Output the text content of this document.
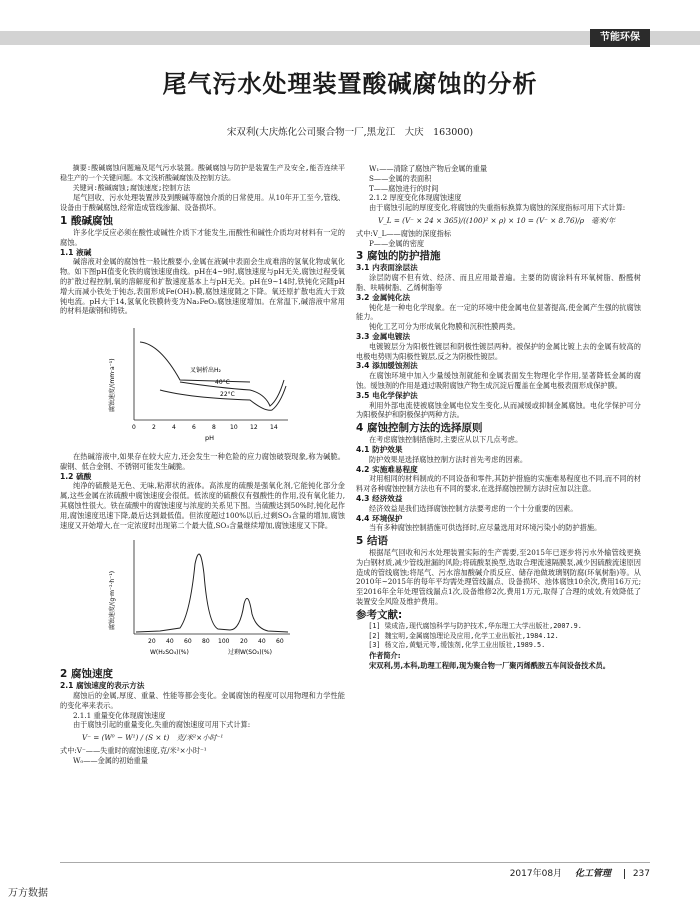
节能环保
尾气污水处理装置酸碱腐蚀的分析
宋双利(大庆炼化公司聚合物一厂,黑龙江　大庆　163000)

摘要:酸碱腐蚀问题遍及尾气污水装置。酸碱腐蚀与防护是装置生产及安全,能否连续平稳生产的一个关键问题。本文浅析酸碱腐蚀及控制方法。

关键词:酸碱腐蚀;腐蚀速度;控制方法

尾气回收、污水处理装置涉及到酸碱等腐蚀介质的日常使用。从10年开工至今,管线、设备由于酸碱腐蚀,经常造成管线渗漏、设备损坏。

1 酸碱腐蚀

许多化学反应必须在酸性或碱性介质下才能发生,而酸性和碱性介质均对材料有一定的腐蚀。

1.1 液碱

碱溶液对金属的腐蚀性一般比酸要小,金属在液碱中表面会生成难溶的氢氧化物或氧化物。如下图pH值变化铁的腐蚀速度曲线。pH在4~9时,腐蚀速度与pH无关,腐蚀过程受氧的扩散过程控制,氧的溶解度和扩散速度基本上与pH无关。pH在9~14时,铁钝化完随pH增大而减小铁处于钝态,表面形成Fe(OH)₂膜,腐蚀速度随之下降。氧还原扩散电流大于致钝电流。pH大于14,氢氧化铁膜转变为Na₂FeO₂腐蚀速度增加。在常温下,碱溶液中常用的材料是碳钢和铸铁。

腐蚀速度/(mm·a⁻¹)	叉铜析出H₂
40°C
22°C
0	2	4	6	8 10 12 14
pH

在热碱溶液中,如果存在较大应力,还会发生一种危险的应力腐蚀破裂现象,称为碱脆。碳钢、低合金钢、不锈钢可能发生碱脆。

1.2 硫酸

纯净的硫酸是无色、无味,粘滞状的液体。高浓度的硫酸是强氧化剂,它能钝化部分金属,这些金属在浓硫酸中腐蚀速度会很低。低浓度的硫酸仅有强酸性的作用,没有氧化能力,其腐蚀性很大。铁在硫酸中的腐蚀速度与浓度的关系见下图。当硫酸达到50%时,钝化起作用,腐蚀速度迅速下降,最后达到最低值。但浓度超过100%以后,过剩SO₃含量的增加,腐蚀速度又开始增大,在一定浓度时出现第二个最大值,SO₃含量继续增加,腐蚀速度又下降。

腐蚀速度/(g·m⁻²·h⁻¹)
20 40 60 80 100 20 40 60
W(H₂SO₄)(%)	过剩W(SO₃)(%)
2 腐蚀速度
2.1 腐蚀速度的表示方法

腐蚀后的金属,厚度、重量、性能等都会变化。金属腐蚀的程度可以用物理和力学性能的变化率来表示。

2.1.1 重量变化体现腐蚀速度

由于腐蚀引起的重量变化,失重的腐蚀速度可用下式计算:

V⁻ = (W⁰ − W¹) / (S × t)　克/米²×小时⁻¹

式中:V⁻——失重时的腐蚀速度,克/米²×小时⁻¹

W₀——金属的初始重量

W₁——清除了腐蚀产物后金属的重量

S——金属的表面积

T——腐蚀进行的时间

2.1.2 厚度变化体现腐蚀速度

由于腐蚀引起的厚度变化,将腐蚀的失重指标换算为腐蚀的深度指标可用下式计算:

V_L = (V⁻ × 24 × 365)/((100)² × ρ) × 10 = (V⁻ × 8.76)/ρ　毫米/年

式中:V_L——腐蚀的深度指标

P——金属的密度

3 腐蚀的防护措施
3.1 内表面涂层法

涂层防腐不但有效、经济、而且应用最普遍。主要的防腐涂料有环氧树脂、酚醛树脂、呋喃树脂、乙烯树脂等

3.2 金属钝化法

钝化是一种电化学现象。在一定的环境中使金属电位显著提高,使金属产生强的抗腐蚀能力。

钝化工艺可分为形成氧化物膜和沉积性膜两类。

3.3 金属电镀法

电镀镀层分为阳极性镀层和阴极性镀层两种。被保护的金属比镀上去的金属有较高的电极电势则为阳极性镀层,反之为阴极性镀层。

3.4 添加缓蚀剂法

在腐蚀环境中加入少量缓蚀剂就能和金属表面发生物理化学作用,显著降低金属的腐蚀。缓蚀剂的作用是通过吸附腐蚀产物生成沉淀后覆盖在金属电极表面形成保护膜。

3.5 电化学保护法

利用外部电流使被腐蚀金属电位发生变化,从而减缓或抑制金属腐蚀。电化学保护可分为阳极保护和阴极保护两种方法。

4 腐蚀控制方法的选择原则

在考虑腐蚀控制措施时,主要应从以下几点考虑。

4.1 防护效果

防护效果是选择腐蚀控制方法时首先考虑的因素。

4.2 实施难易程度

对用相同的材料制成的不同设备和零件,其防护措施的实施难易程度也不同,而不同的材料对各种腐蚀控制方法也有不同的要求,在选择腐蚀控制方法时应加以注意。

4.3 经济效益

经济效益是我们选择腐蚀控制方法要考虑的一个十分重要的因素。

4.4 环境保护

当有多种腐蚀控制措施可供选择时,应尽量选用对环境污染小的防护措施。

5 结语

根据尾气回收和污水处理装置实际的生产需要,至2015年已逐步将污水外输管线更换为白钢材质,减少管线泄漏的风险;将硫酸泵换型,选取合理流速隔膜泵,减少因硫酸流速原因造成的管线腐蚀;将尾气、污水溶加酸碱介质反应、储存池做玻璃钢防腐(环氧树脂)等。从2010年~2015年的每年平均需处理管线漏点、设备损坏、池体腐蚀10余次,费用16万元;至2016年全年处理管线漏点1次,设备维修2次,费用1万元,取得了合理的成效,有效降低了装置安全风险及维护费用。

参考文献:

[1] 梁成浩,现代腐蚀科学与防护技术,华东理工大学出版社,2007.9.

[2] 魏宝明,金属腐蚀理论及应用,化学工业出版社,1984.12.

[3] 杨文治,黄魁元等,缓蚀剂,化学工业出版社,1989.5.

作者简介:

宋双利,男,本科,助理工程师,现为聚合物一厂聚丙烯酰胺五车间设备技术员。

2017年08月 化工管理 237
万方数据
